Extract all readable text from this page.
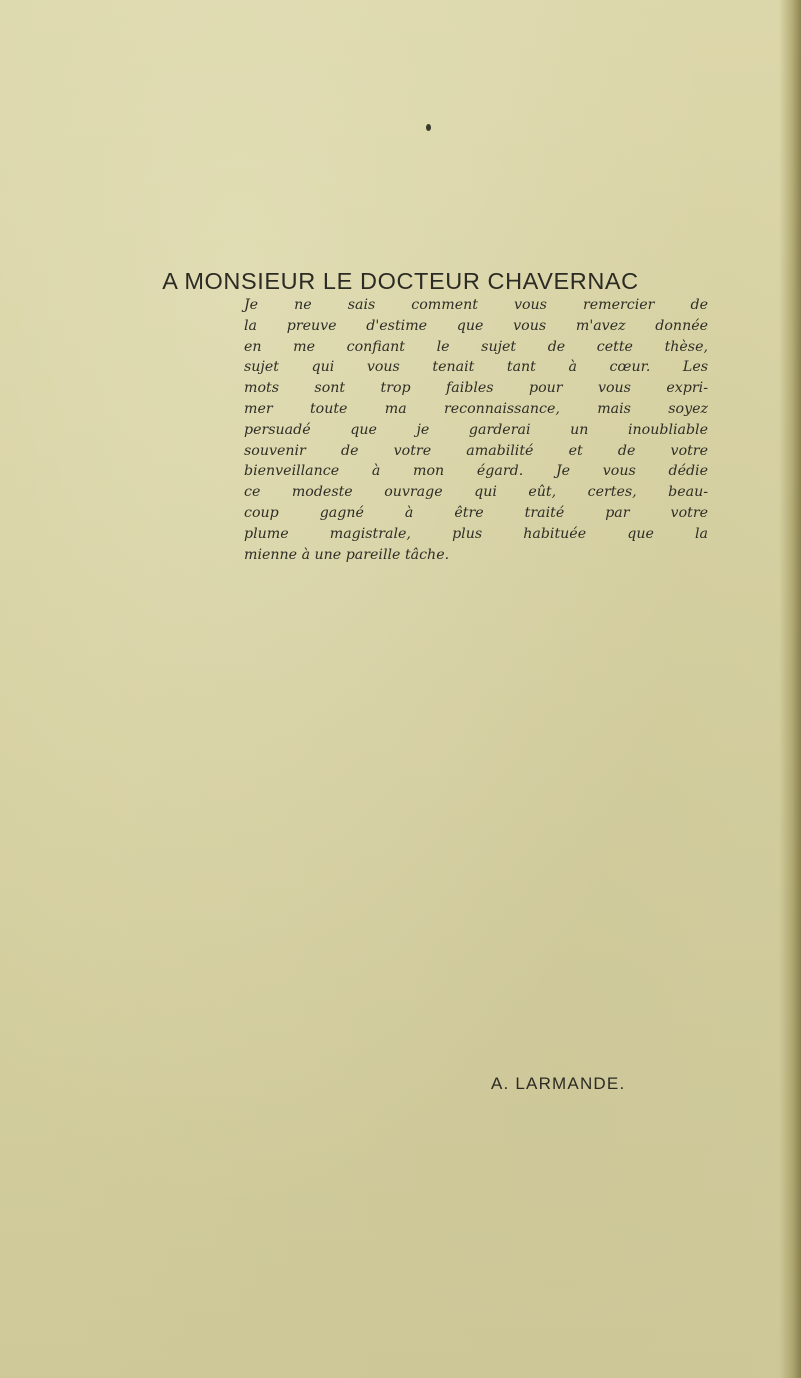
A MONSIEUR LE DOCTEUR CHAVERNAC

Je ne sais comment vous remercier de
la preuve d'estime que vous m'avez donnée
en me confiant le sujet de cette thèse,
sujet qui vous tenait tant à cœur. Les
mots sont trop faibles pour vous expri-
mer toute ma reconnaissance, mais soyez
persuadé que je garderai un inoubliable
souvenir de votre amabilité et de votre
bienveillance à mon égard. Je vous dédie
ce modeste ouvrage qui eût, certes, beau-
coup gagné à être traité par votre
plume magistrale, plus habituée que la
mienne à une pareille tâche.

A. LARMANDE.
